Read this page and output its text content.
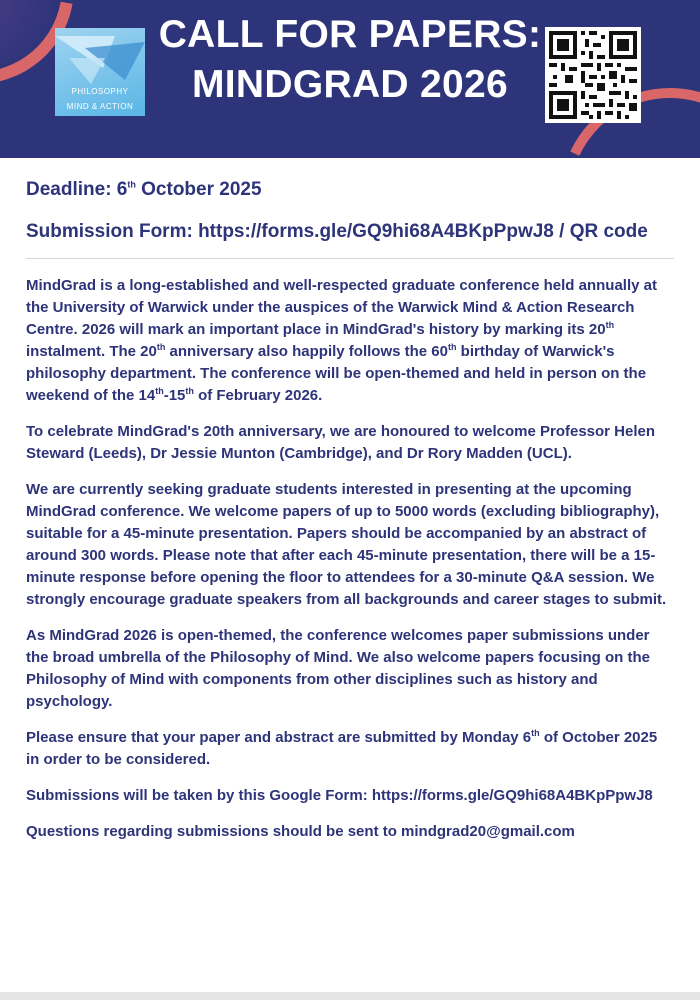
PHILOSOPHY
MIND & ACTION
CALL FOR PAPERS:
MINDGRAD 2026
Deadline: 6th October 2025
Submission Form: https://forms.gle/GQ9hi68A4BKpPpwJ8 / QR code

MindGrad is a long-established and well-respected graduate conference held annually at the University of Warwick under the auspices of the Warwick Mind & Action Research Centre. 2026 will mark an important place in MindGrad's history by marking its 20th instalment. The 20th anniversary also happily follows the 60th birthday of Warwick's philosophy department. The conference will be open-themed and held in person on the weekend of the 14th-15th of February 2026.

To celebrate MindGrad's 20th anniversary, we are honoured to welcome Professor Helen Steward (Leeds), Dr Jessie Munton (Cambridge), and Dr Rory Madden (UCL).

We are currently seeking graduate students interested in presenting at the upcoming MindGrad conference. We welcome papers of up to 5000 words (excluding bibliography), suitable for a 45-minute presentation. Papers should be accompanied by an abstract of around 300 words. Please note that after each 45-minute presentation, there will be a 15-minute response before opening the floor to attendees for a 30-minute Q&A session. We strongly encourage graduate speakers from all backgrounds and career stages to submit.

As MindGrad 2026 is open-themed, the conference welcomes paper submissions under the broad umbrella of the Philosophy of Mind. We also welcome papers focusing on the Philosophy of Mind with components from other disciplines such as history and psychology.

Please ensure that your paper and abstract are submitted by Monday 6th of October 2025 in order to be considered.

Submissions will be taken by this Google Form: https://forms.gle/GQ9hi68A4BKpPpwJ8

Questions regarding submissions should be sent to mindgrad20@gmail.com
